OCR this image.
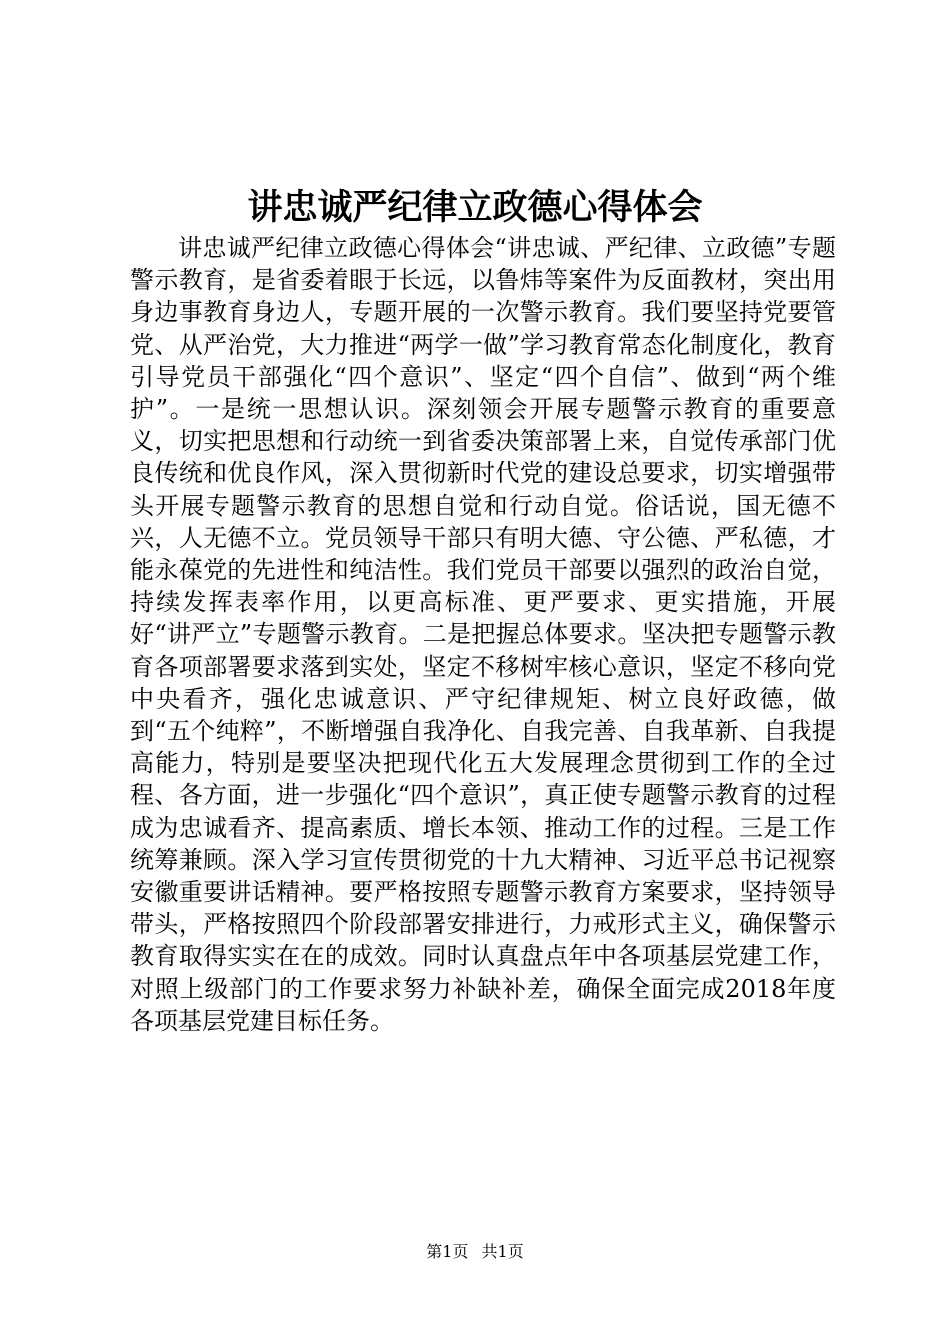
讲忠诚严纪律立政德心得体会

讲忠诚严纪律立政德心得体会“讲忠诚、严纪律、立政德”专题警示教育，是省委着眼于长远，以鲁炜等案件为反面教材，突出用身边事教育身边人，专题开展的一次警示教育。我们要坚持党要管党、从严治党，大力推进“两学一做”学习教育常态化制度化，教育引导党员干部强化“四个意识”、坚定“四个自信”、做到“两个维护”。一是统一思想认识。深刻领会开展专题警示教育的重要意义，切实把思想和行动统一到省委决策部署上来，自觉传承部门优良传统和优良作风，深入贯彻新时代党的建设总要求，切实增强带头开展专题警示教育的思想自觉和行动自觉。俗话说，国无德不兴，人无德不立。党员领导干部只有明大德、守公德、严私德，才能永葆党的先进性和纯洁性。我们党员干部要以强烈的政治自觉，持续发挥表率作用，以更高标准、更严要求、更实措施，开展好“讲严立”专题警示教育。二是把握总体要求。坚决把专题警示教育各项部署要求落到实处，坚定不移树牢核心意识，坚定不移向党中央看齐，强化忠诚意识、严守纪律规矩、树立良好政德，做到“五个纯粹”，不断增强自我净化、自我完善、自我革新、自我提高能力，特别是要坚决把现代化五大发展理念贯彻到工作的全过程、各方面，进一步强化“四个意识”，真正使专题警示教育的过程成为忠诚看齐、提高素质、增长本领、推动工作的过程。三是工作统筹兼顾。深入学习宣传贯彻党的十九大精神、习近平总书记视察安徽重要讲话精神。要严格按照专题警示教育方案要求，坚持领导带头，严格按照四个阶段部署安排进行，力戒形式主义，确保警示教育取得实实在在的成效。同时认真盘点年中各项基层党建工作，对照上级部门的工作要求努力补缺补差，确保全面完成2018年度各项基层党建目标任务。

第1页 共1页
